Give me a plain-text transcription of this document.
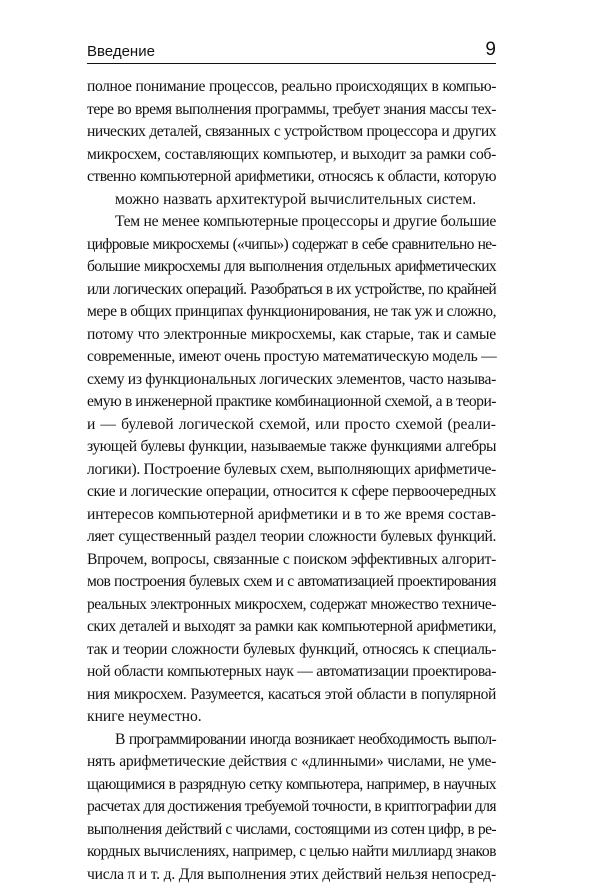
Введение	9
полное понимание процессов, реально происходящих в компью-
тере во время выполнения программы, требует знания массы тех-
нических деталей, связанных с устройством процессора и других
микросхем, составляющих компьютер, и выходит за рамки соб-
ственно компьютерной арифметики, относясь к области, которую
можно назвать архитектурой вычислительных систем.
Тем не менее компьютерные процессоры и другие большие
цифровые микросхемы («чипы») содержат в себе сравнительно не-
большие микросхемы для выполнения отдельных арифметических
или логических операций. Разобраться в их устройстве, по крайней
мере в общих принципах функционирования, не так уж и сложно,
потому что электронные микросхемы, как старые, так и самые
современные, имеют очень простую математическую модель —
схему из функциональных логических элементов, часто называ-
емую в инженерной практике комбинационной схемой, а в теори-
и — булевой логической схемой, или просто схемой (реали-
зующей булевы функции, называемые также функциями алгебры
логики). Построение булевых схем, выполняющих арифметиче-
ские и логические операции, относится к сфере первоочередных
интересов компьютерной арифметики и в то же время состав-
ляет существенный раздел теории сложности булевых функций.
Впрочем, вопросы, связанные с поиском эффективных алгорит-
мов построения булевых схем и с автоматизацией проектирования
реальных электронных микросхем, содержат множество техниче-
ских деталей и выходят за рамки как компьютерной арифметики,
так и теории сложности булевых функций, относясь к специаль-
ной области компьютерных наук — автоматизации проектирова-
ния микросхем. Разумеется, касаться этой области в популярной
книге неуместно.
В программировании иногда возникает необходимость выпол-
нять арифметические действия с «длинными» числами, не уме-
щающимися в разрядную сетку компьютера, например, в научных
расчетах для достижения требуемой точности, в криптографии для
выполнения действий с числами, состоящими из сотен цифр, в ре-
кордных вычислениях, например, с целью найти миллиард знаков
числа π и т. д. Для выполнения этих действий нельзя непосред-
